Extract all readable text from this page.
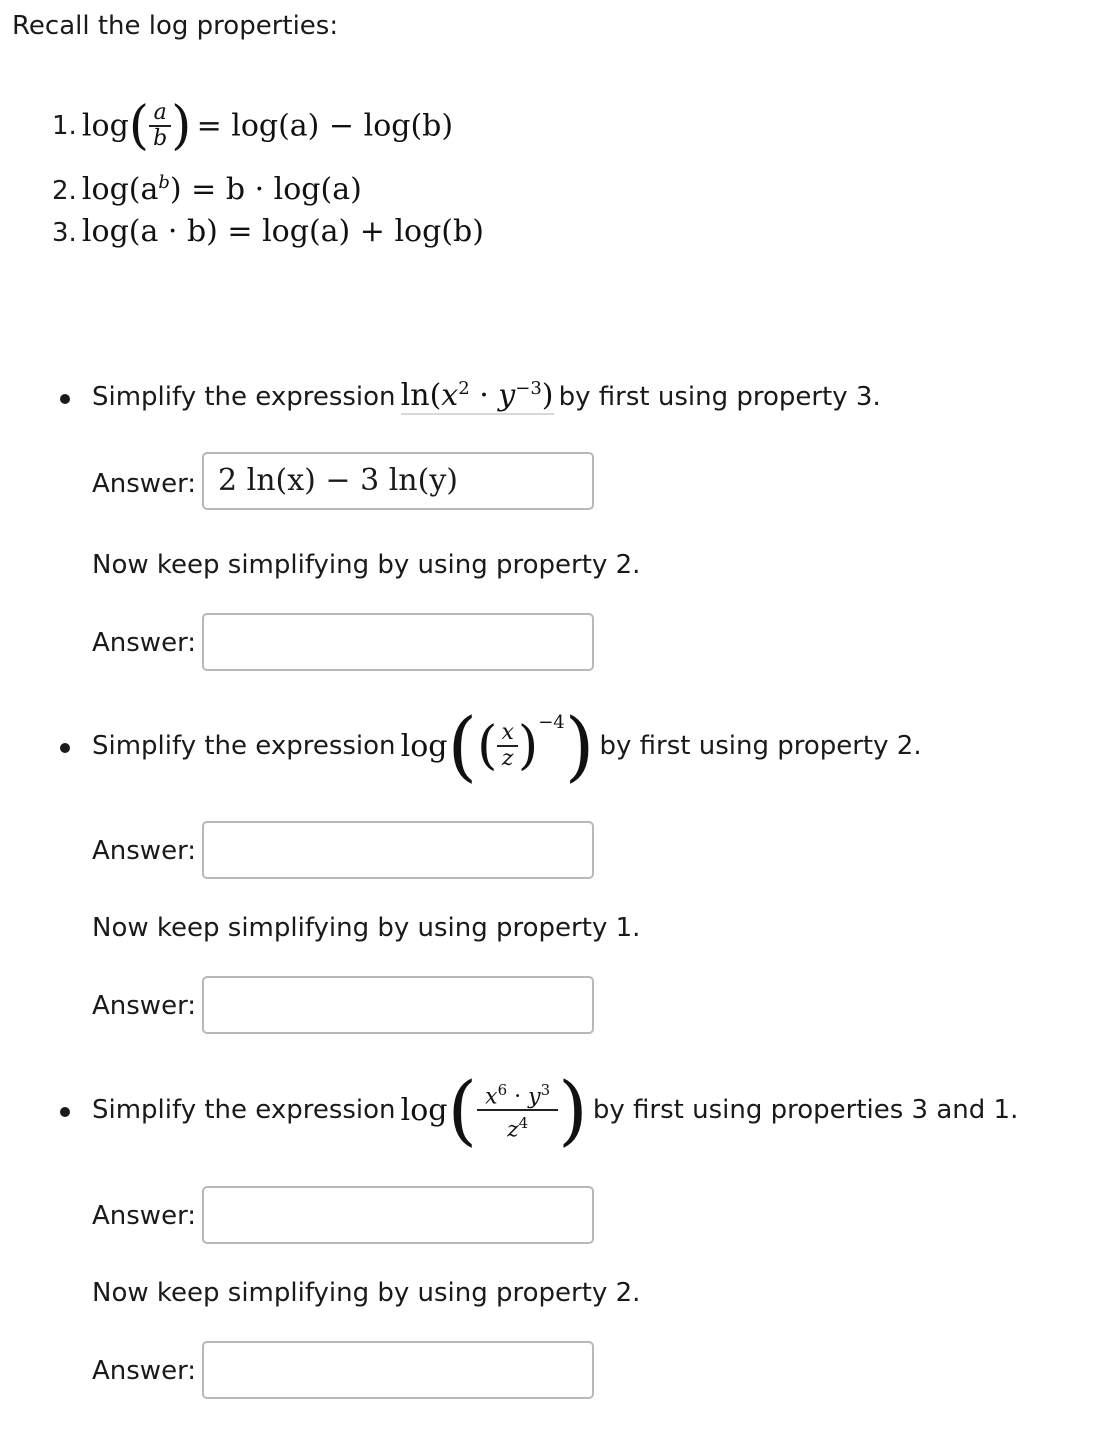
Recall the log properties:
1. $\log( \frac{a}{b}$ ) = log(a) − log(b)
2. $\log(a^b) = b \cdot \log(a)$
3. log(a · b) = log(a) + log(b)
Simplify the expression $\ln(x^2 \cdot y^{-3})$ by first using property 3.
Answer: 2 ln(x) − 3 ln(y)
Now keep simplifying by using property 2.
Answer:
Simplify the expression
log ( ( $\frac{x}{z} )^{-4}$ )
by first using property 2.
Answer:
Now keep simplifying by using property 1.
Answer:
Simplify the expression
log ( $\frac{x^6 \cdot y^3}{z^4}$ )
by first using properties 3 and 1.
Answer:
Now keep simplifying by using property 2.
Answer:
